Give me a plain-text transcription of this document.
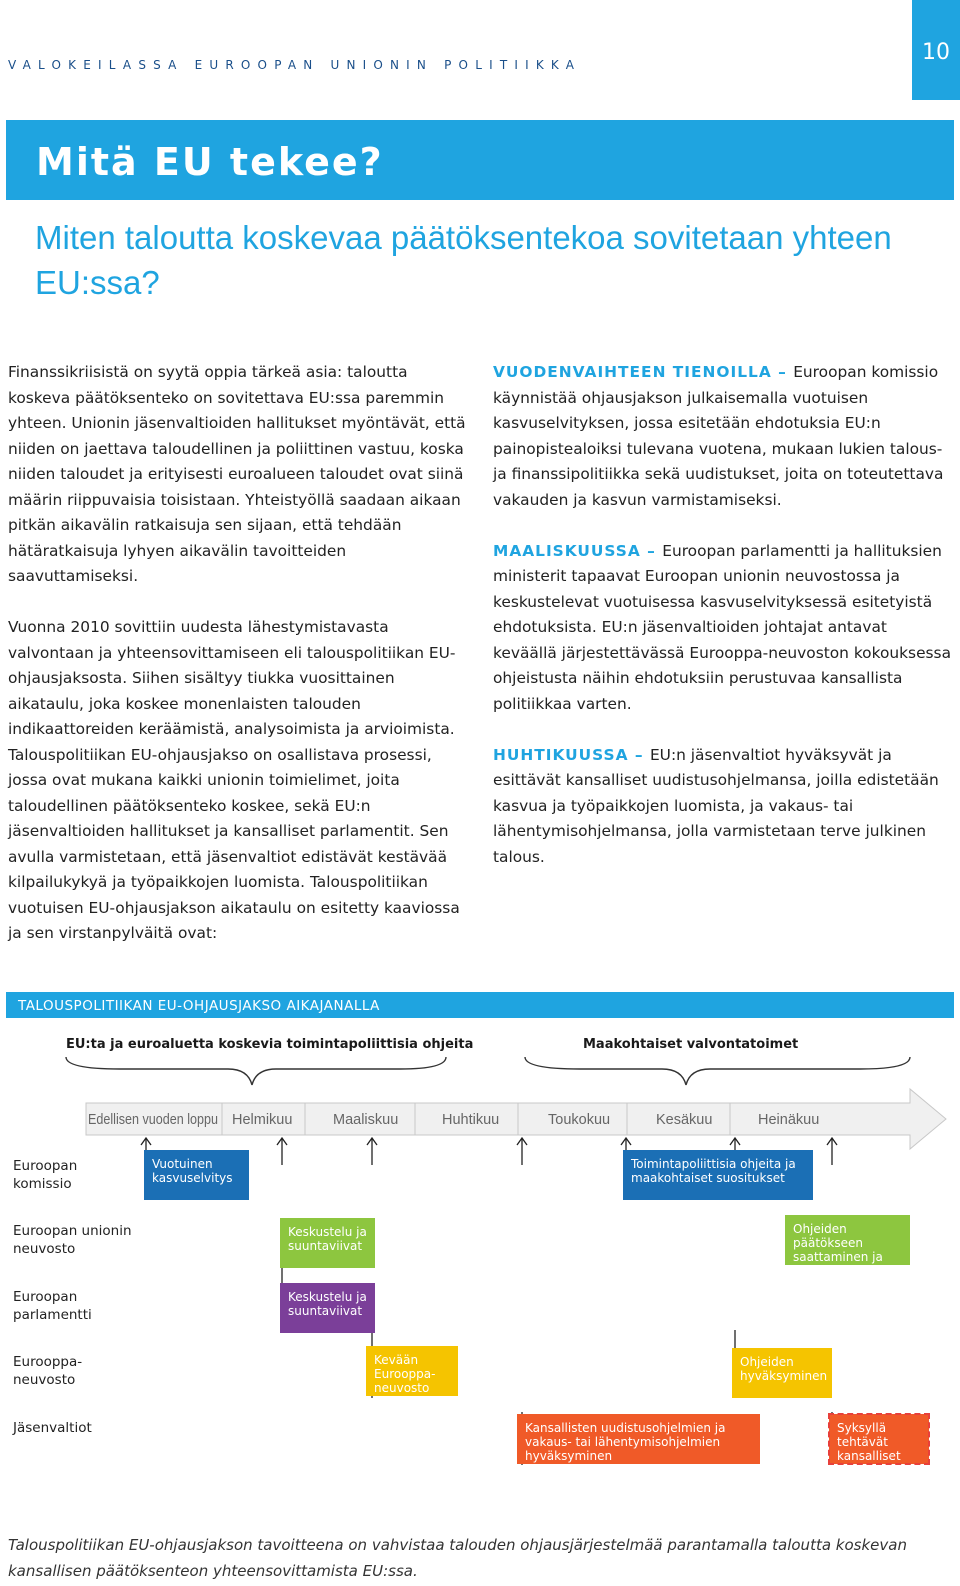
VALOKEILASSA EUROOPAN UNIONIN POLITIIKKA	10
Mitä EU tekee?
Miten taloutta koskevaa päätöksentekoa sovitetaan yhteen EU:ssa?

Finanssikriisistä on syytä oppia tärkeä asia: taloutta koskeva päätöksenteko on sovitettava EU:ssa paremmin yhteen. Unionin jäsenvaltioiden hallitukset myöntävät, että niiden on jaettava taloudellinen ja poliittinen vastuu, koska niiden taloudet ja erityisesti euroalueen taloudet ovat siinä määrin riippuvaisia toisistaan. Yhteistyöllä saadaan aikaan pitkän aikavälin ratkaisuja sen sijaan, että tehdään hätäratkaisuja lyhyen aikavälin tavoitteiden saavuttamiseksi.

Vuonna 2010 sovittiin uudesta lähestymistavasta valvontaan ja yhteensovittamiseen eli talouspolitiikan EU-ohjausjaksosta. Siihen sisältyy tiukka vuosittainen aikataulu, joka koskee monenlaisten talouden indikaattoreiden keräämistä, analysoimista ja arvioimista. Talouspolitiikan EU-ohjausjakso on osallistava prosessi, jossa ovat mukana kaikki unionin toimielimet, joita taloudellinen päätöksenteko koskee, sekä EU:n jäsenvaltioiden hallitukset ja kansalliset parlamentit. Sen avulla varmistetaan, että jäsenvaltiot edistävät kestävää kilpailukykyä ja työpaikkojen luomista. Talouspolitiikan vuotuisen EU-ohjausjakson aikataulu on esitetty kaaviossa ja sen virstanpylväitä ovat:

VUODENVAIHTEEN TIENOILLA – Euroopan komissio käynnistää ohjausjakson julkaisemalla vuotuisen kasvuselvityksen, jossa esitetään ehdotuksia EU:n painopistealoiksi tulevana vuotena, mukaan lukien talous- ja finanssipolitiikka sekä uudistukset, joita on toteutettava vakauden ja kasvun varmistamiseksi.

MAALISKUUSSA – Euroopan parlamentti ja hallituksien ministerit tapaavat Euroopan unionin neuvostossa ja keskustelevat vuotuisessa kasvuselvityksessä esitetyistä ehdotuksista. EU:n jäsenvaltioiden johtajat antavat keväällä järjestettävässä Eurooppa-neuvoston kokouksessa ohjeistusta näihin ehdotuksiin perustuvaa kansallista politiikkaa varten.

HUHTIKUUSSA – EU:n jäsenvaltiot hyväksyvät ja esittävät kansalliset uudistusohjelmansa, joilla edistetään kasvua ja työpaikkojen luomista, ja vakaus- tai lähentymisohjelmansa, jolla varmistetaan terve julkinen talous.

TALOUSPOLITIIKAN EU-OHJAUSJAKSO AIKAJANALLA
EU:ta ja euroaluetta koskevia toimintapoliittisia ohjeita	Maakohtaiset valvontatoimet
Edellisen vuoden loppu Helmikuu	Maaliskuu	Huhtikuu	Toukokuu	Kesäkuu	Heinäkuu
Euroopan komissio
Euroopan unionin neuvosto
Euroopan parlamentti
Eurooppa-neuvosto
Jäsenvaltiot
Vuotuinen kasvuselvitys
Toimintapoliittisia ohjeita ja maakohtaiset suositukset
Keskustelu ja suuntaviivat
Ohjeiden päätökseen saattaminen ja hyväksyminen
Keskustelu ja suuntaviivat
Kevään Eurooppa-neuvosto
Ohjeiden hyväksyminen
Kansallisten uudistusohjelmien ja vakaus- tai lähentymisohjelmien hyväksyminen
Syksyllä tehtävät kansalliset päätökset
Talouspolitiikan EU-ohjausjakson tavoitteena on vahvistaa talouden ohjausjärjestelmää parantamalla taloutta koskevan kansallisen päätöksenteon yhteensovittamista EU:ssa.
